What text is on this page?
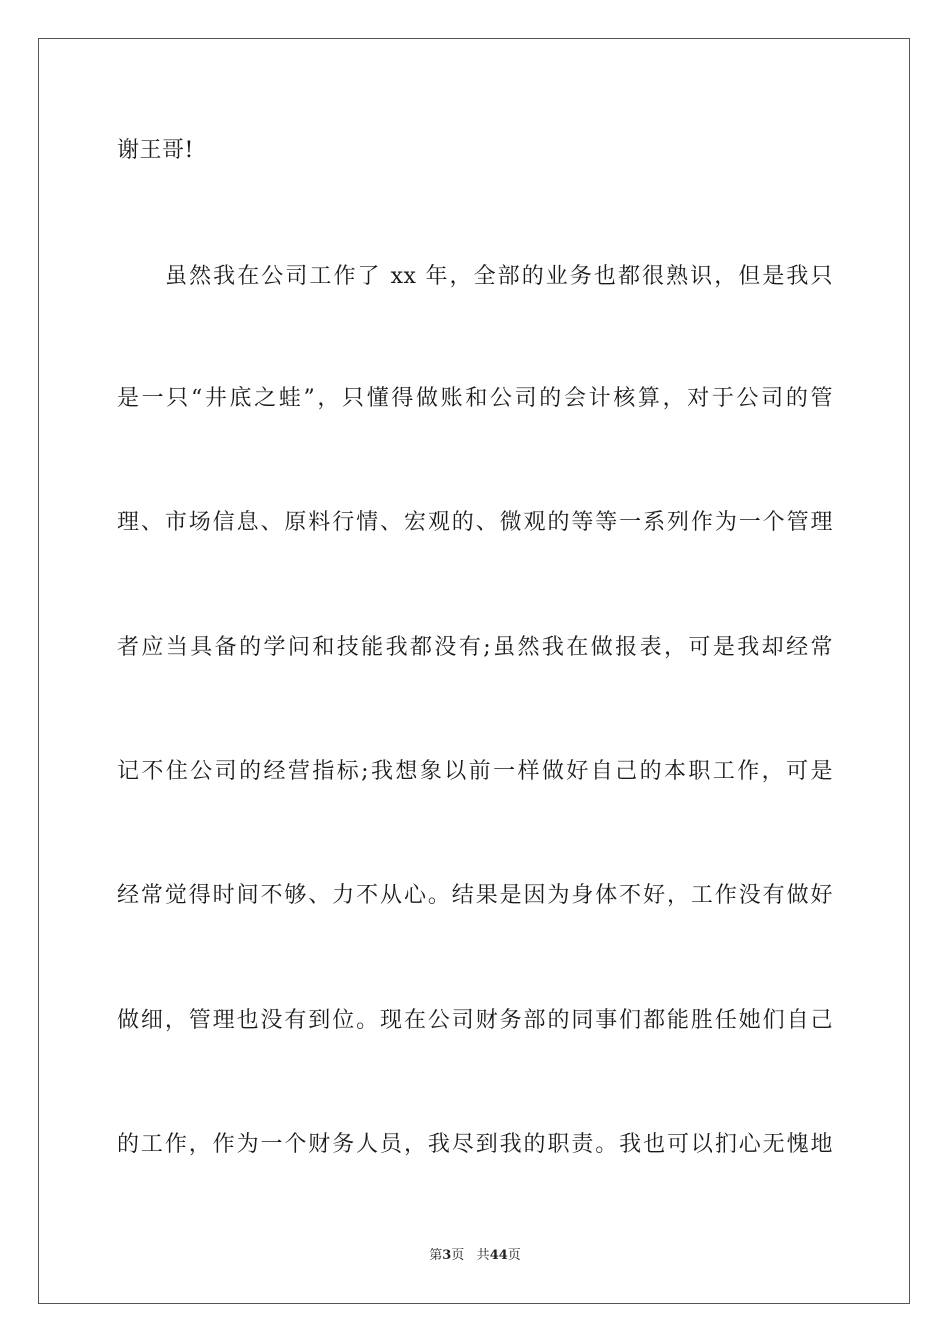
谢王哥!
虽然我在公司工作了 xx 年，全部的业务也都很熟识，但是我只
是一只“井底之蛙”，只懂得做账和公司的会计核算，对于公司的管
理、市场信息、原料行情、宏观的、微观的等等一系列作为一个管理
者应当具备的学问和技能我都没有;虽然我在做报表，可是我却经常
记不住公司的经营指标;我想象以前一样做好自己的本职工作，可是
经常觉得时间不够、力不从心。结果是因为身体不好，工作没有做好
做细，管理也没有到位。现在公司财务部的同事们都能胜任她们自己
的工作，作为一个财务人员，我尽到我的职责。我也可以扪心无愧地
第3页 共44页
